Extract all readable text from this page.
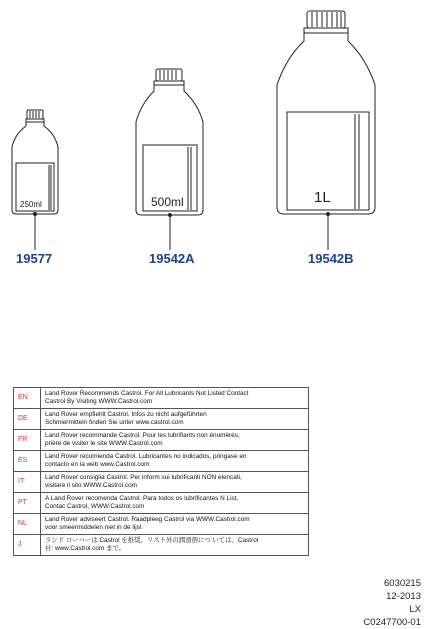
250ml	500ml	1L
19577	19542A	19542B
EN	Land Rover Recommends Castrol. For All Lubricants Not Listed Contact
Castrol By Visiting WWW.Castrol.com
DE	Land Rover empfiehlt Castrol. Infos zu nicht aufgeführten
Schmiermitteln finden Sie unter www.castrol.com
FR	Land Rover recommande Castrol. Pour les lubrifiants non énumérés,
prière de visiter le site WWW.Castrol.com
ES	Land Rover recomienda Castrol. Lubricantes no indicados, póngase en
contacto en la web www.Castrol.com
IT	Land Rover consiglia Castrol. Per inform sui lubrificanti NON elencati,
visitare il sito WWW.Castrol.com
PT	A Land Rover recomenda Castrol. Para todos os lubrificantes N List,
Contac Castrol, WWW.Castrol.com
NL	Land Rover adviseert Castrol. Raadpleeg Castrol via WWW.Castrol.com
voor smeermiddelen niet in de lijst
J	ランド ローバーは Castrol を推奨。リスト外の潤滑剤につ いては、Castrol
社: www.Castrol.com まで。
6030215
12-2013
LX
C0247700-01
